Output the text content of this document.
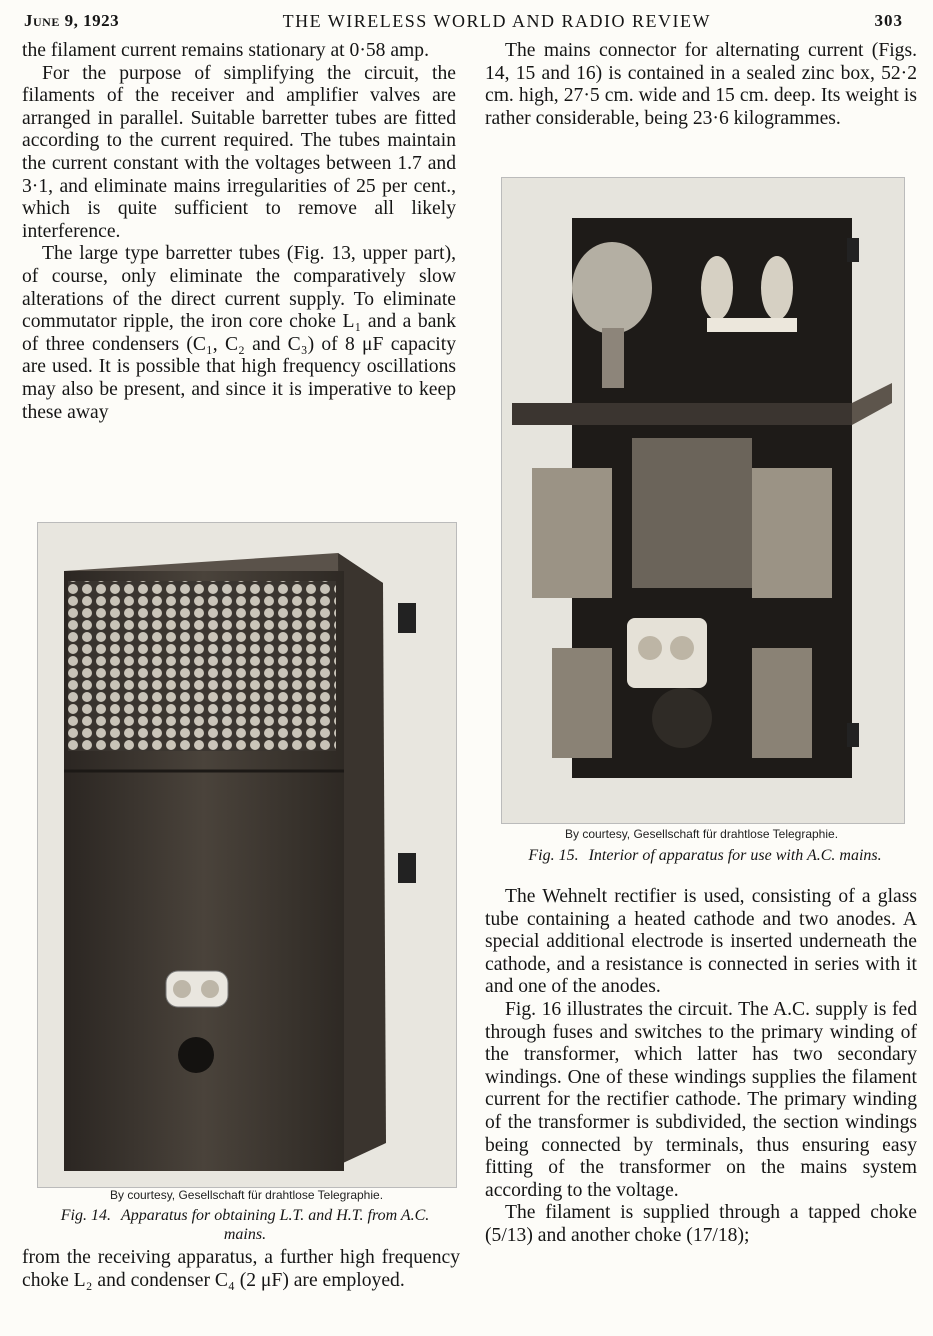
June 9, 1923	THE WIRELESS WORLD AND RADIO REVIEW	303

the filament current remains stationary at 0·58 amp.

For the purpose of simplifying the circuit, the filaments of the receiver and amplifier valves are arranged in parallel. Suitable barretter tubes are fitted according to the current required. The tubes maintain the current constant with the voltages between 1.7 and 3·1, and eliminate mains irregularities of 25 per cent., which is quite sufficient to remove all likely interference.

The large type barretter tubes (Fig. 13, upper part), of course, only eliminate the comparatively slow alterations of the direct current supply. To eliminate commutator ripple, the iron core choke L₁ and a bank of three condensers (C₁, C₂ and C₃) of 8 μF capacity are used. It is possible that high frequency oscillations may also be present, and since it is imperative to keep these away

By courtesy, Gesellschaft für drahtlose Telegraphie.
Fig. 14. Apparatus for obtaining L.T. and H.T. from A.C. mains.

from the receiving apparatus, a further high frequency choke L₂ and condenser C₄ (2 μF) are employed.

The mains connector for alternating current (Figs. 14, 15 and 16) is contained in a sealed zinc box, 52·2 cm. high, 27·5 cm. wide and 15 cm. deep. Its weight is rather considerable, being 23·6 kilogrammes.

By courtesy, Gesellschaft für drahtlose Telegraphie.
Fig. 15. Interior of apparatus for use with A.C. mains.

The Wehnelt rectifier is used, consisting of a glass tube containing a heated cathode and two anodes. A special additional electrode is inserted underneath the cathode, and a resistance is connected in series with it and one of the anodes.

Fig. 16 illustrates the circuit. The A.C. supply is fed through fuses and switches to the primary winding of the transformer, which latter has two secondary windings. One of these windings supplies the filament current for the rectifier cathode. The primary winding of the transformer is subdivided, the section windings being connected by terminals, thus ensuring easy fitting of the transformer on the mains system according to the voltage.

The filament is supplied through a tapped choke (5/13) and another choke (17/18);
